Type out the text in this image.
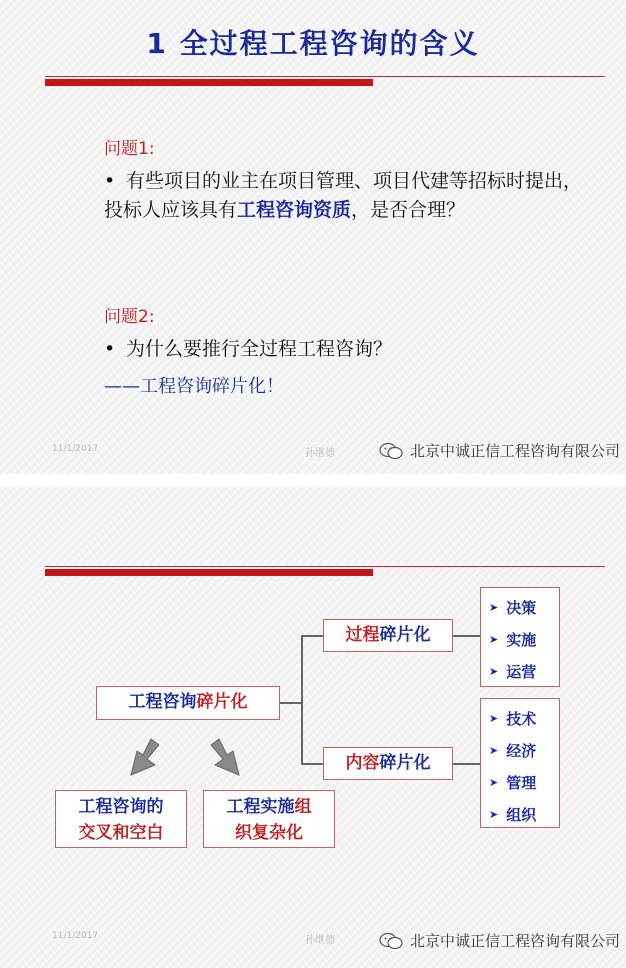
1 全过程工程咨询的含义
问题1:
• 有些项目的业主在项目管理、项目代建等招标时提出，投标人应该具有工程咨询资质，是否合理？
问题2:
• 为什么要推行全过程工程咨询？
——工程咨询碎片化！
11/1/2017	孙继德	北京中诚正信工程咨询有限公司
工程咨询碎片化
过程碎片化
内容碎片化
➤ 决策
➤ 实施
➤ 运营
➤ 技术
➤ 经济
➤ 管理
➤ 组织
工程咨询的
交叉和空白
工程实施组
织复杂化
11/1/2017	孙继德	北京中诚正信工程咨询有限公司
